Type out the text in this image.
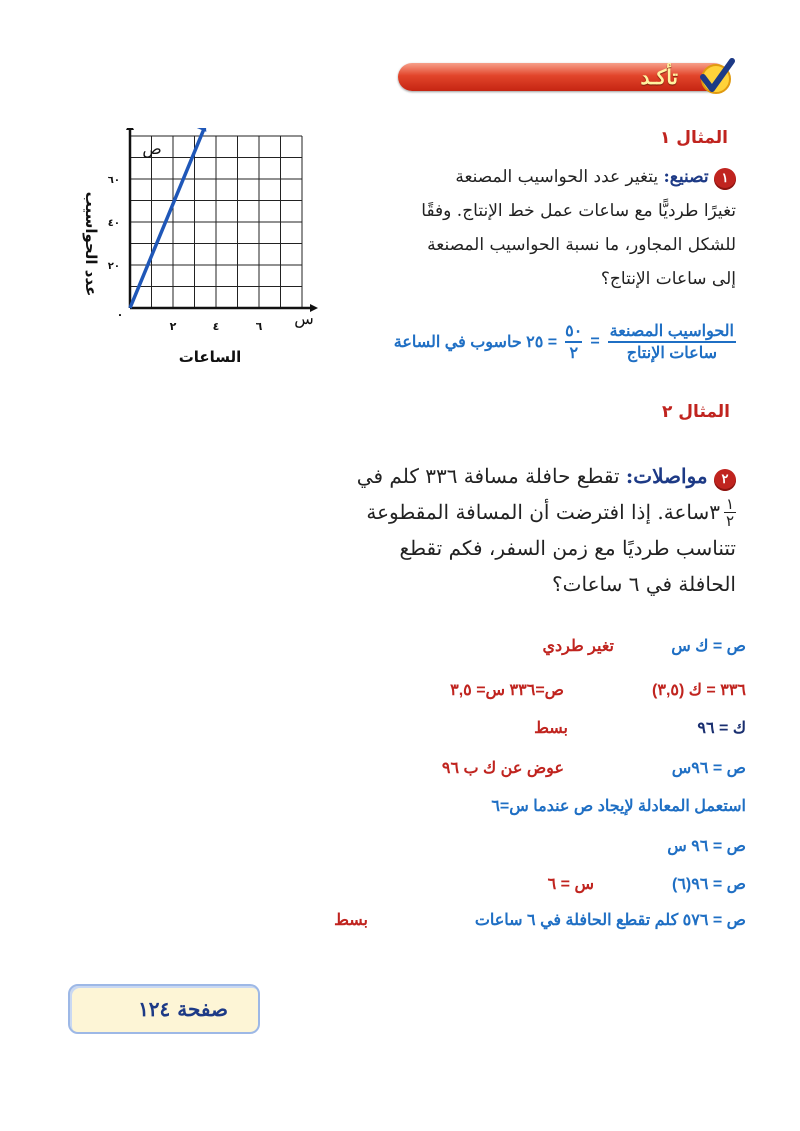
تأكـد
المثال ١
١ تصنيع: يتغير عدد الحواسيب المصنعة
تغيرًا طرديًّا مع ساعات عمل خط الإنتاج. وفقًا
للشكل المجاور، ما نسبة الحواسيب المصنعة
إلى ساعات الإنتاج؟
الحواسيب المصنعة
ساعات الإنتاج
=
٥٠
٢
= ٢٥ حاسوب في الساعة
٢	٤	٦
٢٠
٤٠
٦٠
عدد الحواسيب
الساعات
ص
س
٠
المثال ٢
٢ مواصلات: تقطع حافلة مسافة ٣٣٦ كلم في
١
٢
٣ساعة. إذا افترضت أن المسافة المقطوعة
تتناسب طرديًا مع زمن السفر، فكم تقطع
الحافلة في ٦ ساعات؟
ص = ك س
تغير طردي
٣٣٦ = ك (٣,٥)
ص=٣٣٦ س= ٣,٥
ك = ٩٦
بسط
ص = ٩٦س
عوض عن ك ب ٩٦
استعمل المعادلة لإيجاد ص عندما س=٦
ص = ٩٦ س
ص = ٩٦(٦)
س = ٦
ص = ٥٧٦ كلم تقطع الحافلة في ٦ ساعات
بسط
صفحة ١٢٤
